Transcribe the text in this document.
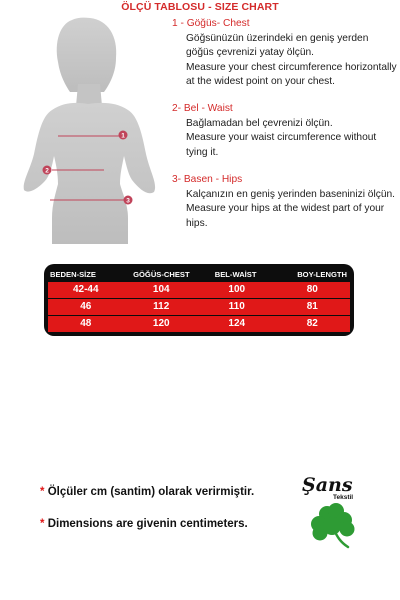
ÖLÇÜ TABLOSU - SIZE CHART
1
2
3
1 - Göğüs- Chest
Göğsünüzün üzerindeki en geniş yerden göğüs çevrenizi yatay ölçün.
Measure your chest circumference horizontally at the widest point on your chest.
2- Bel - Waist
Bağlamadan bel çevrenizi ölçün.
Measure your waist circumference without tying it.
3- Basen - Hips
Kalçanızın en geniş yerinden baseninizi ölçün.
Measure your hips at the widest part of your hips.
BEDEN-SİZE	GÖĞÜS-CHEST	BEL-WAİST	BOY-LENGTH
42-44	104	100	80
46	112	110	81
48	120	124	82
* Ölçüler cm (santim) olarak verirmiştir.
* Dimensions are givenin centimeters.
Şans
Tekstil
